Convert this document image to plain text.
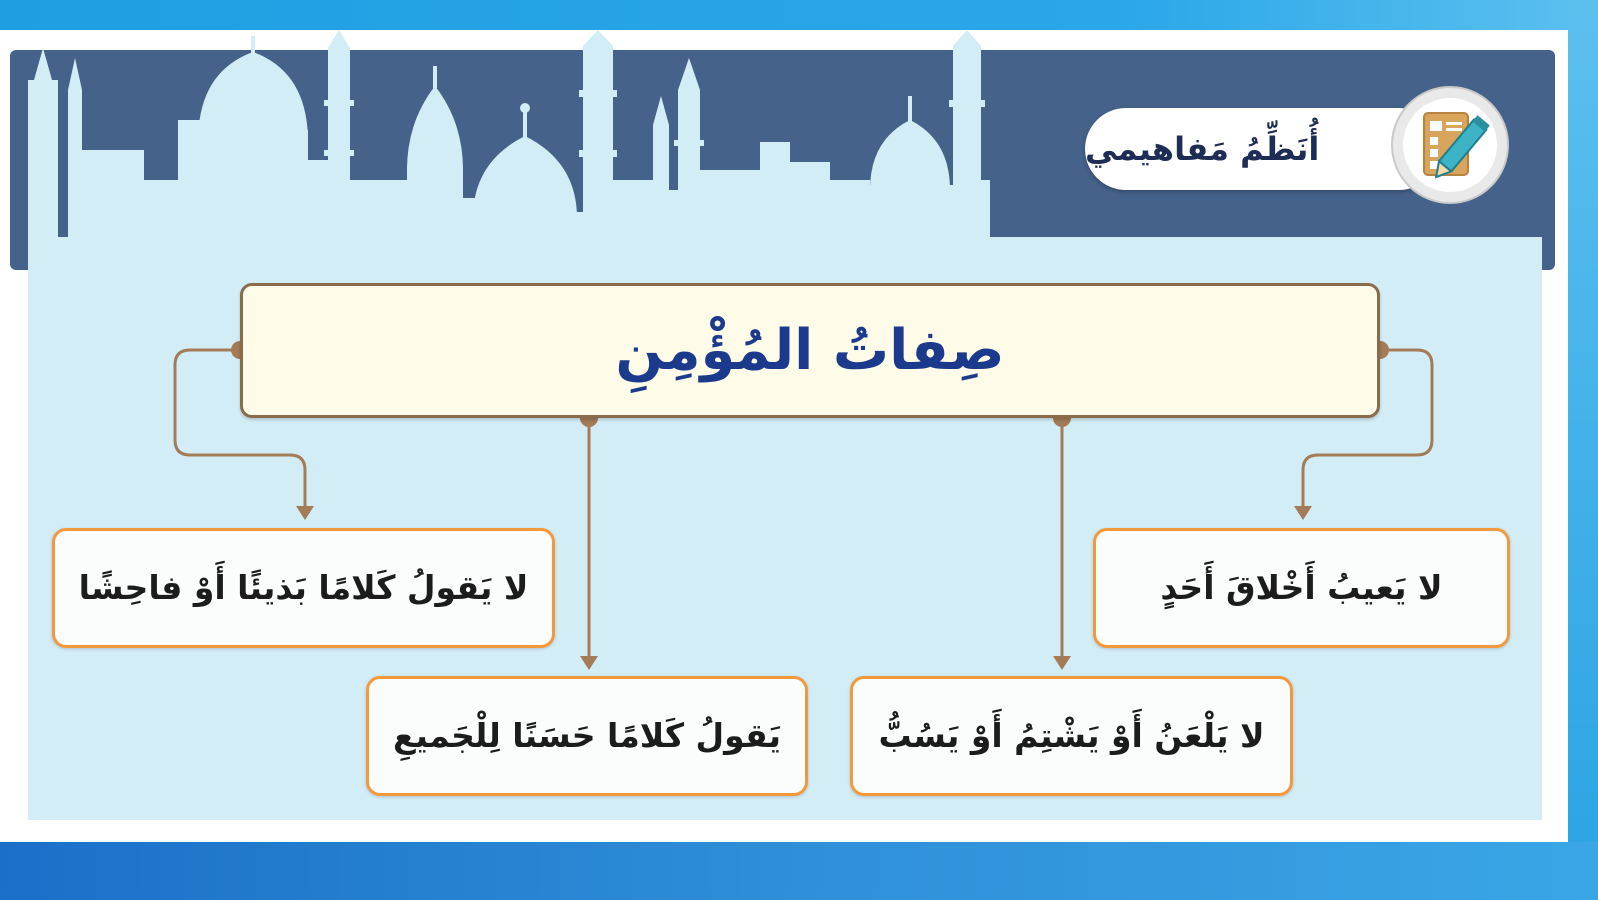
أُنَظِّمُ مَفاهيمي
صِفاتُ المُؤْمِنِ
لا يَعيبُ أَخْلاقَ أَحَدٍ
لا يَقولُ كَلامًا بَذيئًا أَوْ فاحِشًا
لا يَلْعَنُ أَوْ يَشْتِمُ أَوْ يَسُبُّ
يَقولُ كَلامًا حَسَنًا لِلْجَميعِ
